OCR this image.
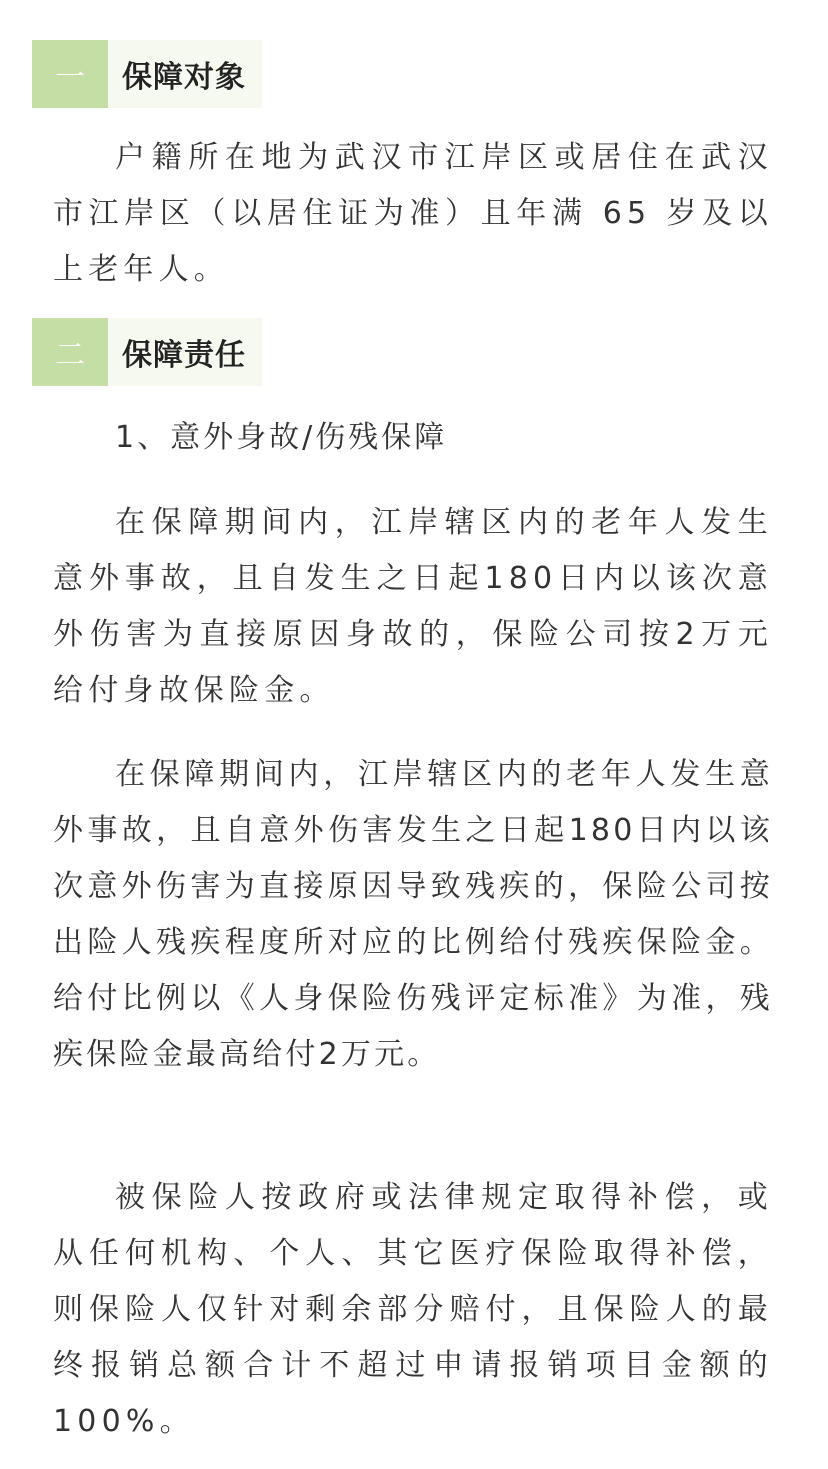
一	保障对象

户籍所在地为武汉市江岸区或居住在武汉市江岸区（以居住证为准）且年满 65 岁及以上老年人。

二	保障责任

1、意外身故/伤残保障

在保障期间内，江岸辖区内的老年人发生意外事故，且自发生之日起180日内以该次意外伤害为直接原因身故的，保险公司按2万元给付身故保险金。

在保障期间内，江岸辖区内的老年人发生意外事故，且自意外伤害发生之日起180日内以该次意外伤害为直接原因导致残疾的，保险公司按出险人残疾程度所对应的比例给付残疾保险金。给付比例以《人身保险伤残评定标准》为准，残疾保险金最高给付2万元。

被保险人按政府或法律规定取得补偿，或从任何机构、个人、其它医疗保险取得补偿，则保险人仅针对剩余部分赔付，且保险人的最终报销总额合计不超过申请报销项目金额的100%。
